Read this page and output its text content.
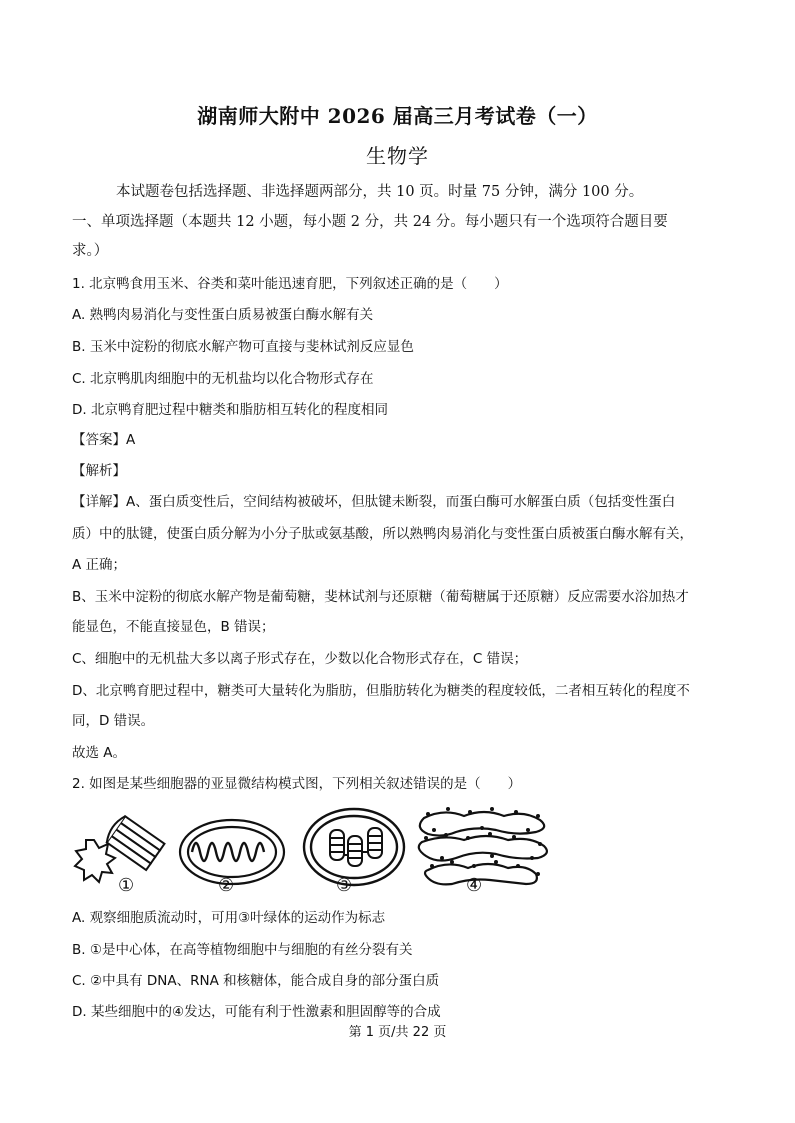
湖南师大附中 2026 届高三月考试卷（一）
生物学
本试题卷包括选择题、非选择题两部分，共 10 页。时量 75 分钟，满分 100 分。
一、单项选择题（本题共 12 小题，每小题 2 分，共 24 分。每小题只有一个选项符合题目要
求。）
1. 北京鸭食用玉米、谷类和菜叶能迅速育肥，下列叙述正确的是（　　）
A. 熟鸭肉易消化与变性蛋白质易被蛋白酶水解有关
B. 玉米中淀粉的彻底水解产物可直接与斐林试剂反应显色
C. 北京鸭肌肉细胞中的无机盐均以化合物形式存在
D. 北京鸭育肥过程中糖类和脂肪相互转化的程度相同
【答案】A
【解析】
【详解】A、蛋白质变性后，空间结构被破坏，但肽键未断裂，而蛋白酶可水解蛋白质（包括变性蛋白
质）中的肽键，使蛋白质分解为小分子肽或氨基酸，所以熟鸭肉易消化与变性蛋白质被蛋白酶水解有关，
A 正确；
B、玉米中淀粉的彻底水解产物是葡萄糖，斐林试剂与还原糖（葡萄糖属于还原糖）反应需要水浴加热才
能显色，不能直接显色，B 错误；
C、细胞中的无机盐大多以离子形式存在，少数以化合物形式存在，C 错误；
D、北京鸭育肥过程中，糖类可大量转化为脂肪，但脂肪转化为糖类的程度较低，二者相互转化的程度不
同，D 错误。
故选 A。
2. 如图是某些细胞器的亚显微结构模式图，下列相关叙述错误的是（　　）
①	②	③	④
A. 观察细胞质流动时，可用③叶绿体的运动作为标志
B. ①是中心体，在高等植物细胞中与细胞的有丝分裂有关
C. ②中具有 DNA、RNA 和核糖体，能合成自身的部分蛋白质
D. 某些细胞中的④发达，可能有利于性激素和胆固醇等的合成
第 1 页/共 22 页
